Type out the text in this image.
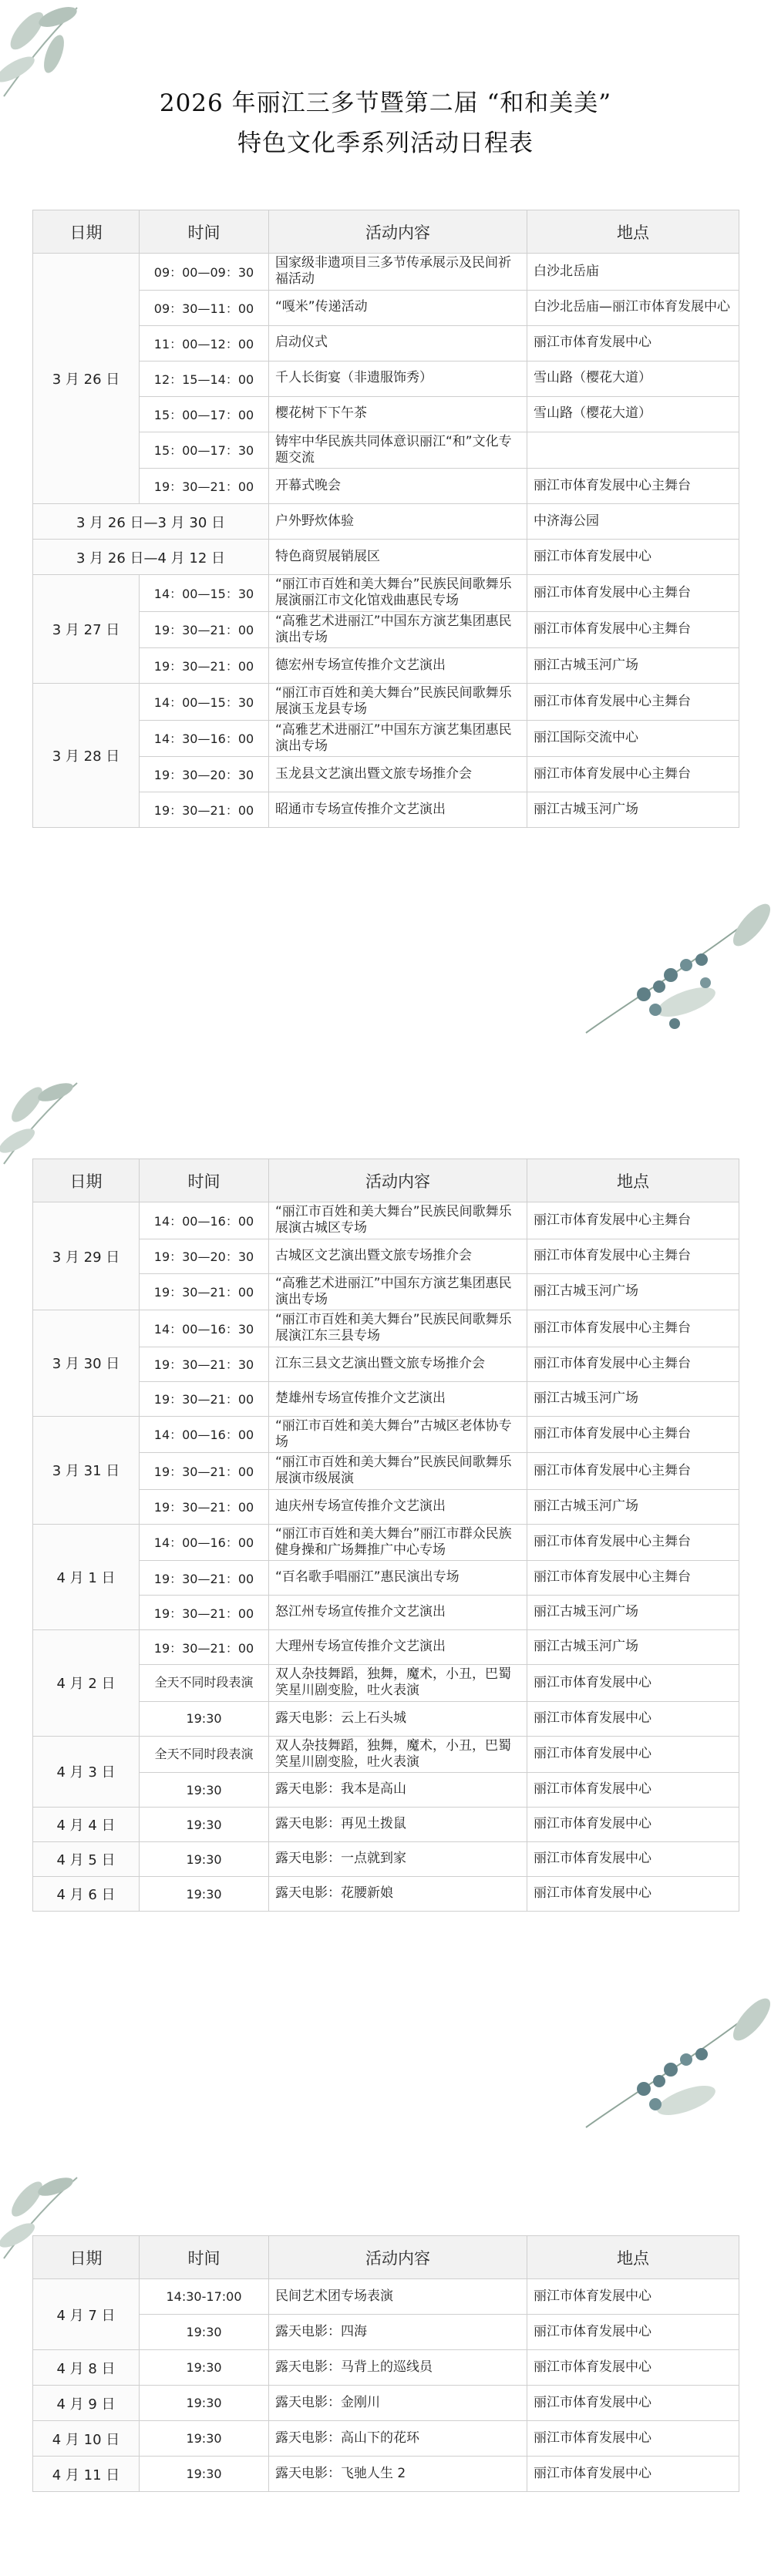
2026 年丽江三多节暨第二届 “和和美美”
特色文化季系列活动日程表
日期	时间	活动内容	地点
3 月 26 日	09：00—09：30	国家级非遗项目三多节传承展示及民间祈福活动	白沙北岳庙
	09：30—11：00	“嘎米”传递活动	白沙北岳庙—丽江市体育发展中心
	11：00—12：00	启动仪式	丽江市体育发展中心
	12：15—14：00	千人长街宴（非遗服饰秀）	雪山路（樱花大道）
	15：00—17：00	樱花树下下午茶	雪山路（樱花大道）
	15：00—17：30	铸牢中华民族共同体意识丽江“和”文化专题交流	
	19：30—21：00	开幕式晚会	丽江市体育发展中心主舞台
3 月 26 日—3 月 30 日		户外野炊体验	中济海公园
3 月 26 日—4 月 12 日		特色商贸展销展区	丽江市体育发展中心
3 月 27 日	14：00—15：30	“丽江市百姓和美大舞台”民族民间歌舞乐展演丽江市文化馆戏曲惠民专场	丽江市体育发展中心主舞台
	19：30—21：00	“高雅艺术进丽江”中国东方演艺集团惠民演出专场	丽江市体育发展中心主舞台
	19：30—21：00	德宏州专场宣传推介文艺演出	丽江古城玉河广场
3 月 28 日	14：00—15：30	“丽江市百姓和美大舞台”民族民间歌舞乐展演玉龙县专场	丽江市体育发展中心主舞台
	14：30—16：00	“高雅艺术进丽江”中国东方演艺集团惠民演出专场	丽江国际交流中心
	19：30—20：30	玉龙县文艺演出暨文旅专场推介会	丽江市体育发展中心主舞台
	19：30—21：00	昭通市专场宣传推介文艺演出	丽江古城玉河广场
日期	时间	活动内容	地点
3 月 29 日	14：00—16：00	“丽江市百姓和美大舞台”民族民间歌舞乐展演古城区专场	丽江市体育发展中心主舞台
	19：30—20：30	古城区文艺演出暨文旅专场推介会	丽江市体育发展中心主舞台
	19：30—21：00	“高雅艺术进丽江”中国东方演艺集团惠民演出专场	丽江古城玉河广场
3 月 30 日	14：00—16：30	“丽江市百姓和美大舞台”民族民间歌舞乐展演江东三县专场	丽江市体育发展中心主舞台
	19：30—21：30	江东三县文艺演出暨文旅专场推介会	丽江市体育发展中心主舞台
	19：30—21：00	楚雄州专场宣传推介文艺演出	丽江古城玉河广场
3 月 31 日	14：00—16：00	“丽江市百姓和美大舞台”古城区老体协专场	丽江市体育发展中心主舞台
	19：30—21：00	“丽江市百姓和美大舞台”民族民间歌舞乐展演市级展演	丽江市体育发展中心主舞台
	19：30—21：00	迪庆州专场宣传推介文艺演出	丽江古城玉河广场
4 月 1 日	14：00—16：00	“丽江市百姓和美大舞台”丽江市群众民族健身操和广场舞推广中心专场	丽江市体育发展中心主舞台
	19：30—21：00	“百名歌手唱丽江”惠民演出专场	丽江市体育发展中心主舞台
	19：30—21：00	怒江州专场宣传推介文艺演出	丽江古城玉河广场
4 月 2 日	19：30—21：00	大理州专场宣传推介文艺演出	丽江古城玉河广场
	全天不同时段表演	双人杂技舞蹈，独舞，魔术，小丑，巴蜀笑星川剧变脸，吐火表演	丽江市体育发展中心
	19:30	露天电影：云上石头城	丽江市体育发展中心
4 月 3 日	全天不同时段表演	双人杂技舞蹈，独舞，魔术，小丑，巴蜀笑星川剧变脸，吐火表演	丽江市体育发展中心
	19:30	露天电影：我本是高山	丽江市体育发展中心
4 月 4 日	19:30	露天电影：再见土拨鼠	丽江市体育发展中心
4 月 5 日	19:30	露天电影：一点就到家	丽江市体育发展中心
4 月 6 日	19:30	露天电影：花腰新娘	丽江市体育发展中心
日期	时间	活动内容	地点
4 月 7 日	14:30-17:00	民间艺术团专场表演	丽江市体育发展中心
	19:30	露天电影：四海	丽江市体育发展中心
4 月 8 日	19:30	露天电影：马背上的巡线员	丽江市体育发展中心
4 月 9 日	19:30	露天电影：金刚川	丽江市体育发展中心
4 月 10 日	19:30	露天电影：高山下的花环	丽江市体育发展中心
4 月 11 日	19:30	露天电影：飞驰人生 2	丽江市体育发展中心
